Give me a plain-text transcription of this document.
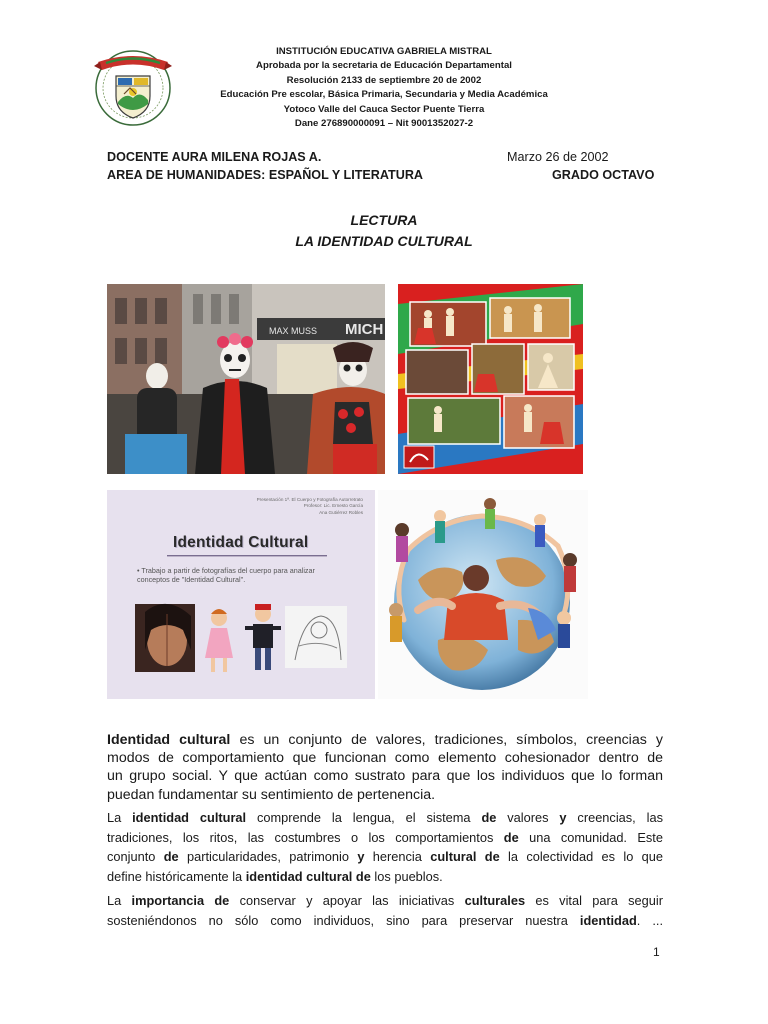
INSTITUCIÓN EDUCATIVA GABRIELA MISTRAL
Aprobada por la secretaria de Educación Departamental
Resolución 2133 de septiembre 20 de 2002
Educación Pre escolar, Básica Primaria, Secundaria y Media Académica
Yotoco Valle del Cauca Sector Puente Tierra
Dane 276890000091 – Nit 9001352027-2
DOCENTE AURA MILENA ROJAS A.	Marzo 26 de 2002
AREA DE HUMANIDADES: ESPAÑOL Y LITERATURA	GRADO OCTAVO
LECTURA
LA IDENTIDAD CULTURAL
MICH
MAX MUSS
Presentación 1ª. El Cuerpo y Fotografía Autorretrato
Profesor: Lic. Ernesto García
Ana Gutiérrez Robles
Identidad Cultural
• Trabajo a partir de fotografías del cuerpo para analizar conceptos de "Identidad Cultural".
Identidad cultural es un conjunto de valores, tradiciones, símbolos, creencias y
modos de comportamiento que funcionan como elemento cohesionador dentro de
un grupo social. Y que actúan como sustrato para que los individuos que lo forman
puedan fundamentar su sentimiento de pertenencia.
La identidad cultural comprende la lengua, el sistema de valores y creencias, las
tradiciones, los ritos, las costumbres o los comportamientos de una comunidad. Este
conjunto de particularidades, patrimonio y herencia cultural de la colectividad es lo que
define históricamente la identidad cultural de los pueblos.
La importancia de conservar y apoyar las iniciativas culturales es vital para seguir
sosteniéndonos no sólo como individuos, sino para preservar nuestra identidad. ...
1
